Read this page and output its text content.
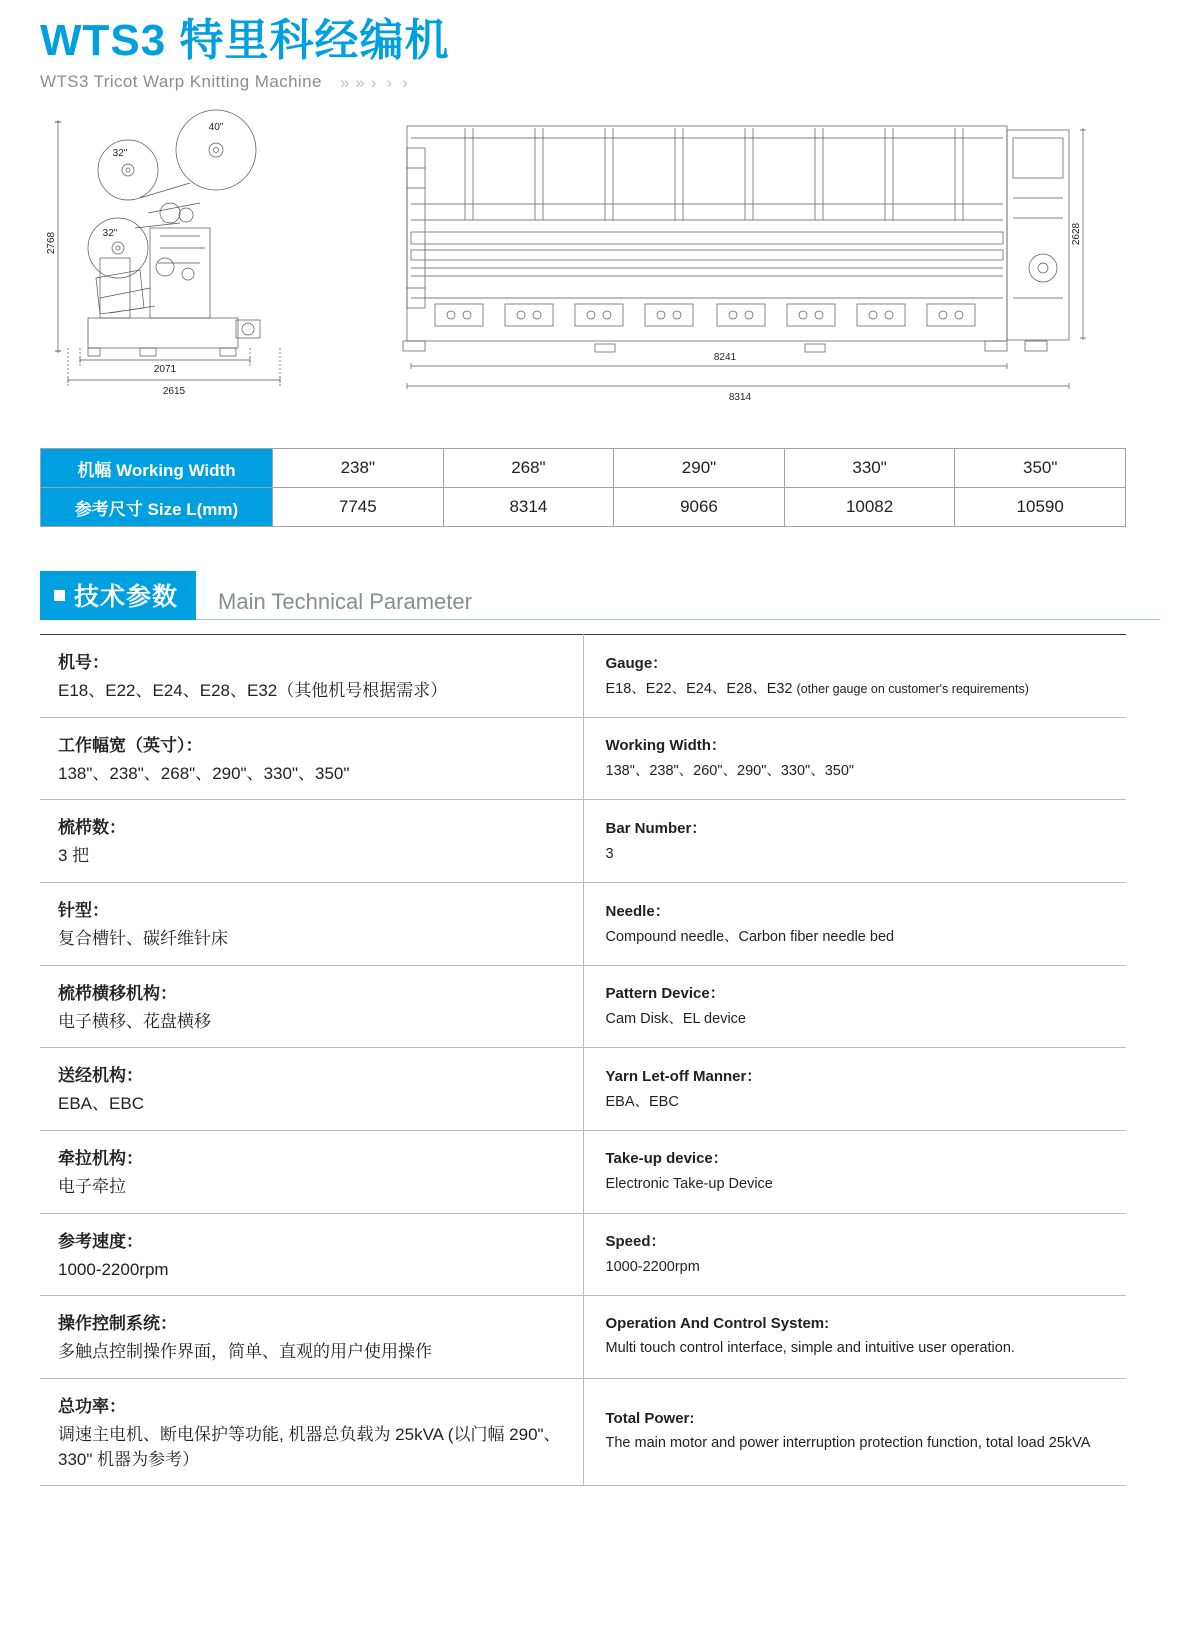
WTS3 特里科经编机
WTS3 Tricot Warp Knitting Machine » » › › ›
2768
2071
2615
40"
32"
32"	2628
8241
8314
机幅 Working Width	238"	268"	290"	330"	350"
参考尺寸 Size L(mm)	7745	8314	9066	10082	10590
技术参数	Main Technical Parameter
机号：
E18、E22、E24、E28、E32（其他机号根据需求）

Gauge：
E18、E22、E24、E28、E32 (other gauge on customer's requirements)

工作幅宽（英寸）：
138"、238"、268"、290"、330"、350"

Working Width：
138"、238"、260"、290"、330"、350"

梳栉数：
3 把

Bar Number：
3

针型：
复合槽针、碳纤维针床

Needle：
Compound needle、Carbon fiber needle bed

梳栉横移机构：
电子横移、花盘横移

Pattern Device：
Cam Disk、EL device

送经机构：
EBA、EBC

Yarn Let-off Manner：
EBA、EBC

牵拉机构：
电子牵拉

Take-up device：
Electronic Take-up Device

参考速度：
1000-2200rpm

Speed：
1000-2200rpm

操作控制系统：
多触点控制操作界面，简单、直观的用户使用操作

Operation And Control System:
Multi touch control interface, simple and intuitive user operation.

总功率：
调速主电机、断电保护等功能, 机器总负载为 25kVA (以门幅 290"、330" 机器为参考）

Total Power:
The main motor and power interruption protection function, total load 25kVA
